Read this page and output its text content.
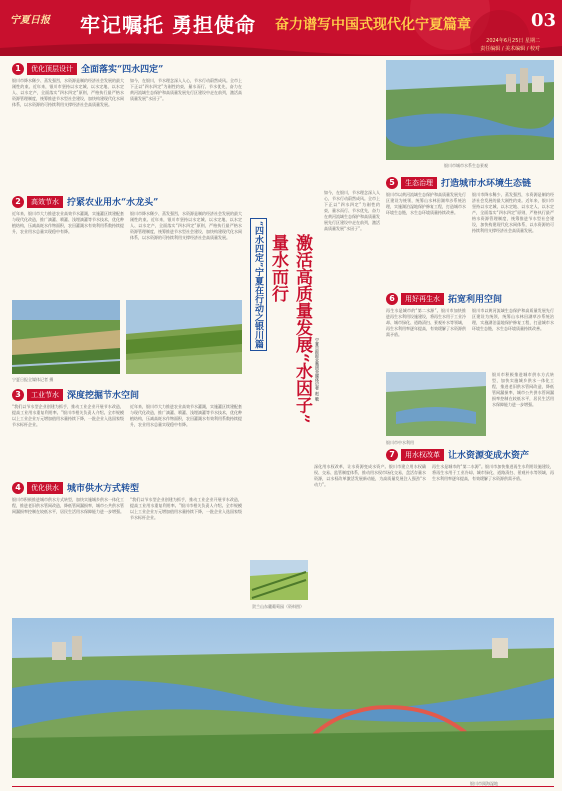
宁夏日报 牢记嘱托 勇担使命 奋力谱写中国式现代化宁夏篇章	03
2024年6月25日 星期二
责任编辑 / 美术编辑 / 校对
1	优化顶层设计 全面落实“四水四定”
银川市降水稀少、蒸发强烈，水资源是制约经济社会发展的最大刚性约束。近年来，银川市坚持以水定城、以水定地、以水定人、以水定产，全面落实“四水四定”原则，严格执行最严格水资源管理制度，统筹推进节水型社会建设，加快构建现代化水网体系，以水资源的可持续利用支撑经济社会高质量发展。
如今，在银川，节水理念深入人心，节水行动蔚然成风。全市上下正以“四水四定”为刚性约束，量水而行、节水优先，奋力在黄河流域生态保护和高质量发展先行区建设中走在前列，激活高质量发展“水因子”。
2	高效节水 拧紧农业用水“水龙头”
近年来，银川市大力推进农业高效节水灌溉，实施灌区续建配套与现代化改造，推广滴灌、喷灌、浅埋滴灌等节水技术，优化种植结构，压减高耗水作物面积，农田灌溉水有效利用系数持续提升，农业用水总量实现稳中有降。
银川市降水稀少、蒸发强烈，水资源是制约经济社会发展的最大刚性约束。近年来，银川市坚持以水定城、以水定地、以水定人、以水定产，全面落实“四水四定”原则，严格执行最严格水资源管理制度，统筹推进节水型社会建设，加快构建现代化水网体系，以水资源的可持续利用支撑经济社会高质量发展。
宁夏日报全媒体记者 摄
3	工业节水 深度挖掘节水空间
“我们以节水型企业创建为抓手，推动工业企业开展节水改造，提高工业用水重复利用率。”银川市相关负责人介绍。全市规模以上工业企业万元增加值用水量持续下降，一批企业入选国家级节水标杆企业。
近年来，银川市大力推进农业高效节水灌溉，实施灌区续建配套与现代化改造，推广滴灌、喷灌、浅埋滴灌等节水技术，优化种植结构，压减高耗水作物面积，农田灌溉水有效利用系数持续提升，农业用水总量实现稳中有降。
4	优化供水 城市供水方式转型
银川市积极推进城市供水方式转型，加快实施城乡供水一体化工程，推进老旧供水管网改造，降低管网漏损率，城市公共供水管网漏损率控制在较低水平，居民生活用水保障能力进一步增强。
“我们以节水型企业创建为抓手，推动工业企业开展节水改造，提高工业用水重复利用率。”银川市相关负责人介绍。全市规模以上工业企业万元增加值用水量持续下降，一批企业入选国家级节水标杆企业。
“四水四定”宁夏在行动之银川篇 量水而行 激活高质量发展“水因子” 宁夏日报报业集团全媒体记者 赵 敏
如今，在银川，节水理念深入人心，节水行动蔚然成风。全市上下正以“四水四定”为刚性约束，量水而行、节水优先，奋力在黄河流域生态保护和高质量发展先行区建设中走在前列，激活高质量发展“水因子”。
贺兰山东麓葡萄园（资料图）
银川市城市水系生态景观
5	生态治理 打造城市水环境生态链
银川市以黄河流域生态保护和高质量发展先行区建设为统领，统筹山水林田湖草沙系统治理，实施湖泊湿地保护修复工程，打造城市水环境生态链，水生态环境质量持续改善。
银川市降水稀少、蒸发强烈，水资源是制约经济社会发展的最大刚性约束。近年来，银川市坚持以水定城、以水定地、以水定人、以水定产，全面落实“四水四定”原则，严格执行最严格水资源管理制度，统筹推进节水型社会建设，加快构建现代化水网体系，以水资源的可持续利用支撑经济社会高质量发展。
6	用好再生水 拓宽利用空间
再生水是城市的“第二水源”。银川市加快推进再生水利用设施建设，将再生水用于工业冷却、城市绿化、道路清扫、景观补水等领域，再生水利用率逐年提高，有效缓解了水资源供需矛盾。
银川市以黄河流域生态保护和高质量发展先行区建设为统领，统筹山水林田湖草沙系统治理，实施湖泊湿地保护修复工程，打造城市水环境生态链，水生态环境质量持续改善。
银川市中水利用
银川市积极推进城市供水方式转型，加快实施城乡供水一体化工程，推进老旧供水管网改造，降低管网漏损率，城市公共供水管网漏损率控制在较低水平，居民生活用水保障能力进一步增强。
7	用水权改革 让水资源变成水资产
深化用水权改革，让水资源变成水资产。银川市建立用水权确权、交易、监管制度体系，推动用水权市场化交易，盘活存量水资源，以水权改革激活发展新动能，为高质量发展注入强劲“水动力”。
再生水是城市的“第二水源”。银川市加快推进再生水利用设施建设，将再生水用于工业冷却、城市绿化、道路清扫、景观补水等领域，再生水利用率逐年提高，有效缓解了水资源供需矛盾。
银川市阅海湿地
